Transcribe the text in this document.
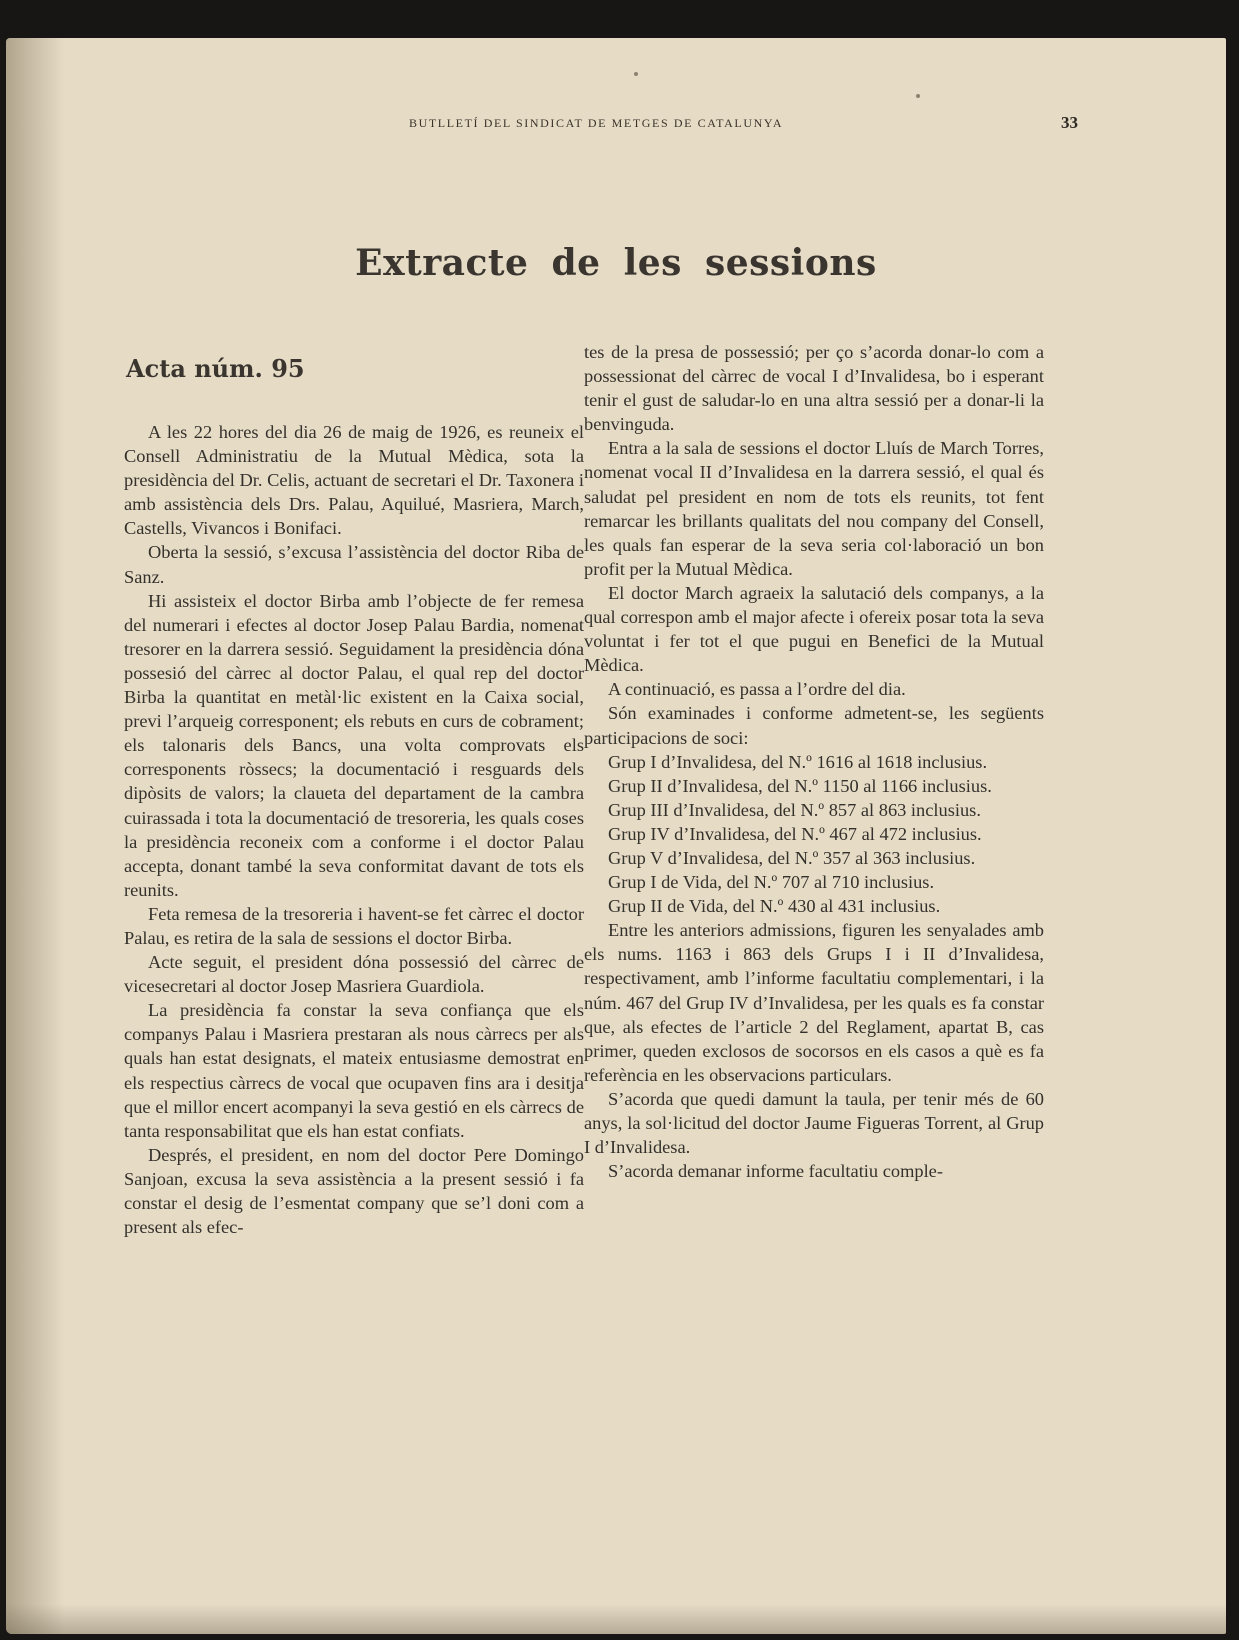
BUTLLETÍ DEL SINDICAT DE METGES DE CATALUNYA	33
Extracte de les sessions
Acta núm. 95

A les 22 hores del dia 26 de maig de 1926, es reuneix el Consell Administratiu de la Mutual Mèdica, sota la presidència del Dr. Celis, actuant de secretari el Dr. Taxonera i amb assistència dels Drs. Palau, Aquilué, Masriera, March, Castells, Vivancos i Bonifaci.

Oberta la sessió, s’excusa l’assistència del doctor Riba de Sanz.

Hi assisteix el doctor Birba amb l’objecte de fer remesa del numerari i efectes al doctor Josep Palau Bardia, nomenat tresorer en la darrera sessió. Seguidament la presidència dóna possesió del càrrec al doctor Palau, el qual rep del doctor Birba la quantitat en metàl·lic existent en la Caixa social, previ l’arqueig corresponent; els rebuts en curs de cobrament; els talonaris dels Bancs, una volta comprovats els corresponents ròssecs; la documentació i resguards dels dipòsits de valors; la claueta del departament de la cambra cuirassada i tota la documentació de tresoreria, les quals coses la presidència reconeix com a conforme i el doctor Palau accepta, donant també la seva conformitat davant de tots els reunits.

Feta remesa de la tresoreria i havent-se fet càrrec el doctor Palau, es retira de la sala de sessions el doctor Birba.

Acte seguit, el president dóna possessió del càrrec de vicesecretari al doctor Josep Masriera Guardiola.

La presidència fa constar la seva confiança que els companys Palau i Masriera prestaran als nous càrrecs per als quals han estat designats, el mateix entusiasme demostrat en els respectius càrrecs de vocal que ocupaven fins ara i desitja que el millor encert acompanyi la seva gestió en els càrrecs de tanta responsabilitat que els han estat confiats.

Després, el president, en nom del doctor Pere Domingo Sanjoan, excusa la seva assistència a la present sessió i fa constar el desig de l’esmentat company que se’l doni com a present als efec-

tes de la presa de possessió; per ço s’acorda donar-lo com a possessionat del càrrec de vocal I d’Invalidesa, bo i esperant tenir el gust de saludar-lo en una altra sessió per a donar-li la benvinguda.

Entra a la sala de sessions el doctor Lluís de March Torres, nomenat vocal II d’Invalidesa en la darrera sessió, el qual és saludat pel president en nom de tots els reunits, tot fent remarcar les brillants qualitats del nou company del Consell, les quals fan esperar de la seva seria col·laboració un bon profit per la Mutual Mèdica.

El doctor March agraeix la salutació dels companys, a la qual correspon amb el major afecte i ofereix posar tota la seva voluntat i fer tot el que pugui en Benefici de la Mutual Mèdica.

A continuació, es passa a l’ordre del dia.

Són examinades i conforme admetent-se, les següents participacions de soci:

Grup I d’Invalidesa, del N.º 1616 al 1618 inclusius.

Grup II d’Invalidesa, del N.º 1150 al 1166 inclusius.

Grup III d’Invalidesa, del N.º 857 al 863 inclusius.

Grup IV d’Invalidesa, del N.º 467 al 472 inclusius.

Grup V d’Invalidesa, del N.º 357 al 363 inclusius.

Grup I de Vida, del N.º 707 al 710 inclusius.

Grup II de Vida, del N.º 430 al 431 inclusius.

Entre les anteriors admissions, figuren les senyalades amb els nums. 1163 i 863 dels Grups I i II d’Invalidesa, respectivament, amb l’informe facultatiu complementari, i la núm. 467 del Grup IV d’Invalidesa, per les quals es fa constar que, als efectes de l’article 2 del Reglament, apartat B, cas primer, queden exclosos de socorsos en els casos a què es fa referència en les observacions particulars.

S’acorda que quedi damunt la taula, per tenir més de 60 anys, la sol·licitud del doctor Jaume Figueras Torrent, al Grup I d’Invalidesa.

S’acorda demanar informe facultatiu comple-
